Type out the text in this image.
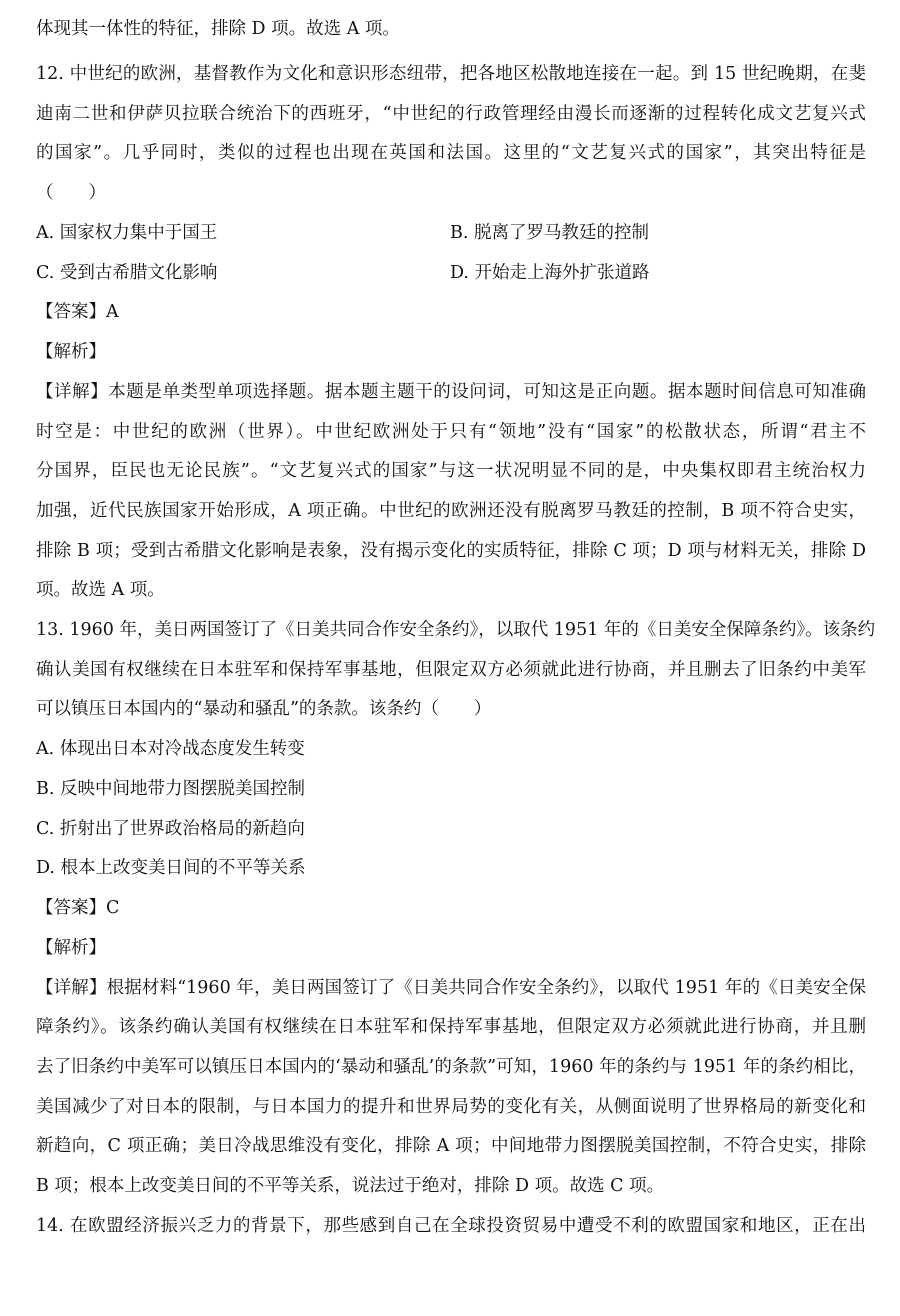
体现其一体性的特征，排除 D 项。故选 A 项。
12. 中世纪的欧洲，基督教作为文化和意识形态纽带，把各地区松散地连接在一起。到 15 世纪晚期，在斐
迪南二世和伊萨贝拉联合统治下的西班牙，“中世纪的行政管理经由漫长而逐渐的过程转化成文艺复兴式
的国家”。几乎同时，类似的过程也出现在英国和法国。这里的“文艺复兴式的国家”，其突出特征是
（　　）
A. 国家权力集中于国王	B. 脱离了罗马教廷的控制
C. 受到古希腊文化影响	D. 开始走上海外扩张道路
【答案】A
【解析】
【详解】本题是单类型单项选择题。据本题主题干的设问词，可知这是正向题。据本题时间信息可知准确
时空是：中世纪的欧洲（世界）。中世纪欧洲处于只有“领地”没有“国家”的松散状态，所谓“君主不
分国界，臣民也无论民族”。“文艺复兴式的国家”与这一状况明显不同的是，中央集权即君主统治权力
加强，近代民族国家开始形成，A 项正确。中世纪的欧洲还没有脱离罗马教廷的控制，B 项不符合史实，
排除 B 项；受到古希腊文化影响是表象，没有揭示变化的实质特征，排除 C 项；D 项与材料无关，排除 D
项。故选 A 项。
13. 1960 年，美日两国签订了《日美共同合作安全条约》，以取代 1951 年的《日美安全保障条约》。该条约
确认美国有权继续在日本驻军和保持军事基地，但限定双方必须就此进行协商，并且删去了旧条约中美军
可以镇压日本国内的“暴动和骚乱”的条款。该条约（　　）
A. 体现出日本对冷战态度发生转变
B. 反映中间地带力图摆脱美国控制
C. 折射出了世界政治格局的新趋向
D. 根本上改变美日间的不平等关系
【答案】C
【解析】
【详解】根据材料“1960 年，美日两国签订了《日美共同合作安全条约》，以取代 1951 年的《日美安全保
障条约》。该条约确认美国有权继续在日本驻军和保持军事基地，但限定双方必须就此进行协商，并且删
去了旧条约中美军可以镇压日本国内的‘暴动和骚乱’的条款”可知，1960 年的条约与 1951 年的条约相比，
美国减少了对日本的限制，与日本国力的提升和世界局势的变化有关，从侧面说明了世界格局的新变化和
新趋向，C 项正确；美日冷战思维没有变化，排除 A 项；中间地带力图摆脱美国控制，不符合史实，排除
B 项；根本上改变美日间的不平等关系，说法过于绝对，排除 D 项。故选 C 项。
14. 在欧盟经济振兴乏力的背景下，那些感到自己在全球投资贸易中遭受不利的欧盟国家和地区，正在出
